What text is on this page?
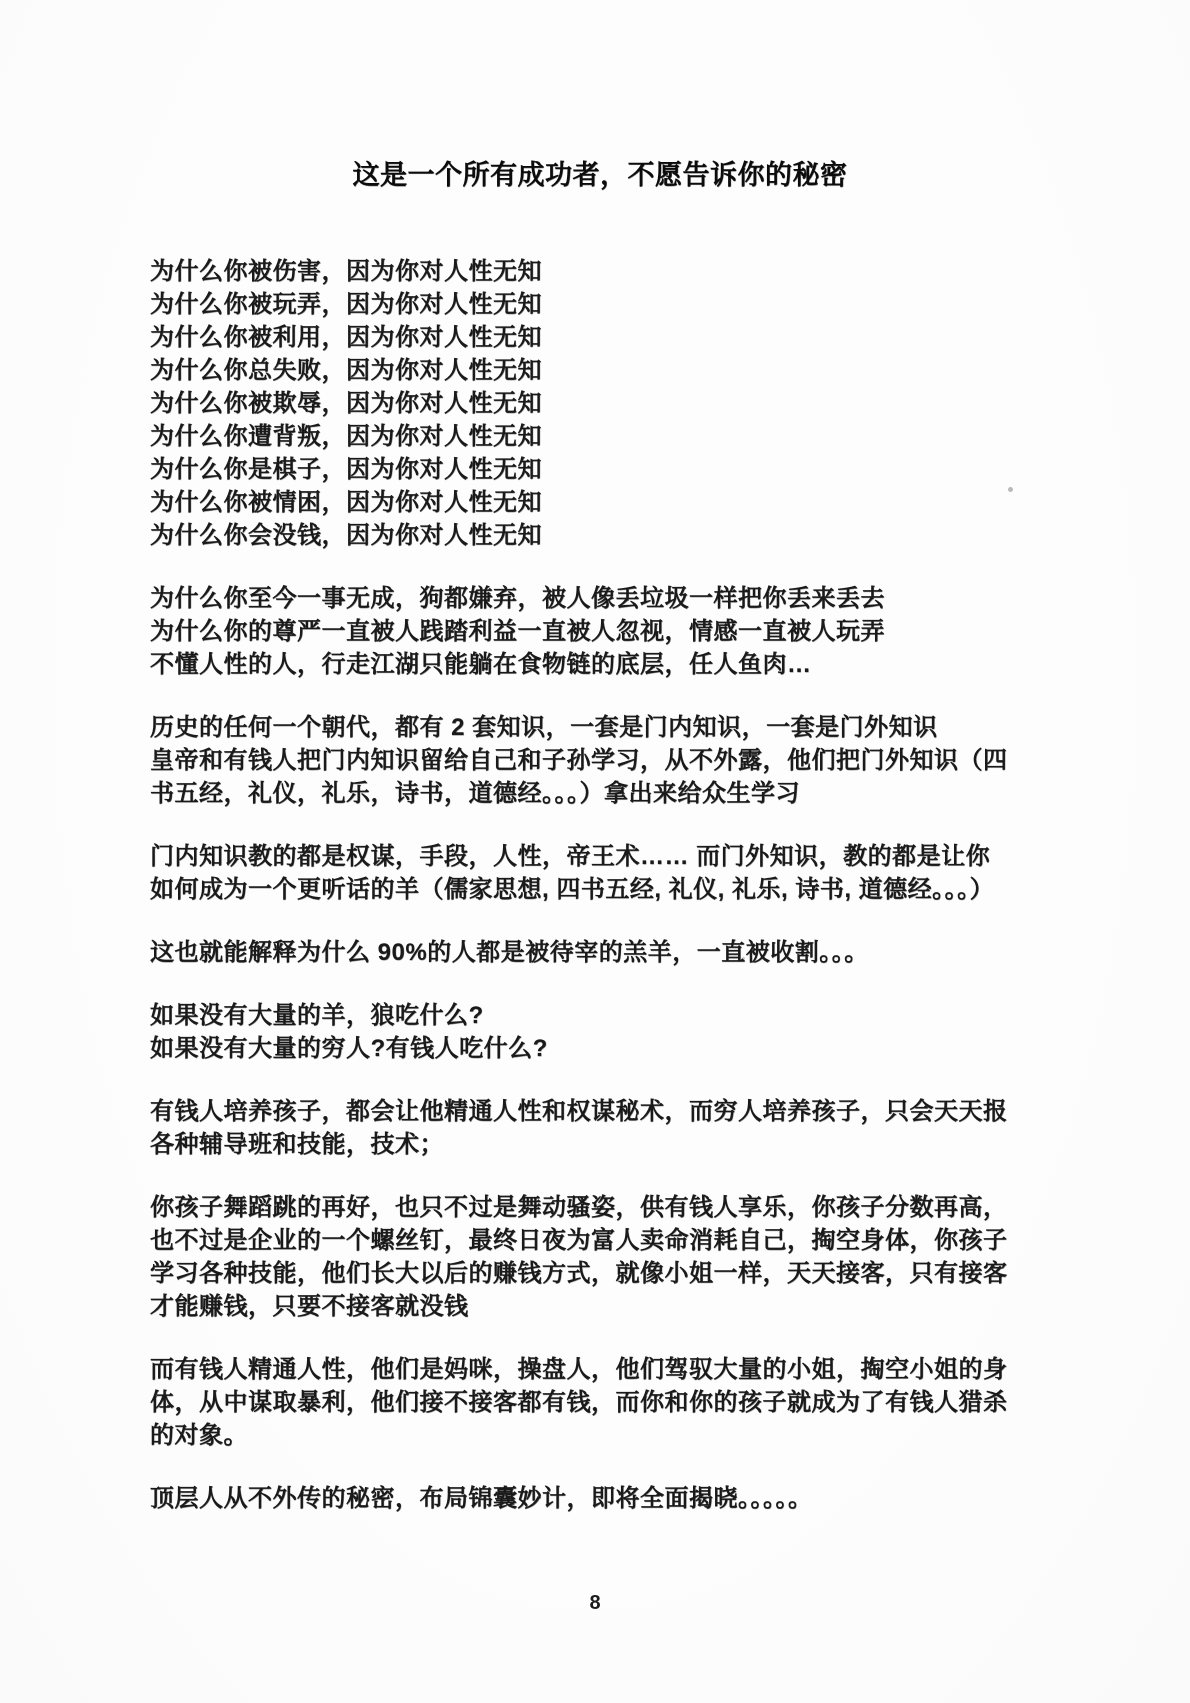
这是一个所有成功者，不愿告诉你的秘密
为什么你被伤害，因为你对人性无知
为什么你被玩弄，因为你对人性无知
为什么你被利用，因为你对人性无知
为什么你总失败，因为你对人性无知
为什么你被欺辱，因为你对人性无知
为什么你遭背叛，因为你对人性无知
为什么你是棋子，因为你对人性无知
为什么你被情困，因为你对人性无知
为什么你会没钱，因为你对人性无知
为什么你至今一事无成，狗都嫌弃，被人像丢垃圾一样把你丢来丢去
为什么你的尊严一直被人践踏利益一直被人忽视，情感一直被人玩弄
不懂人性的人，行走江湖只能躺在食物链的底层，任人鱼肉…
历史的任何一个朝代，都有 2 套知识，一套是门内知识，一套是门外知识
皇帝和有钱人把门内知识留给自己和子孙学习，从不外露，他们把门外知识（四
书五经，礼仪，礼乐，诗书，道德经。。。）拿出来给众生学习
门内知识教的都是权谋，手段，人性，帝王术…… 而门外知识，教的都是让你
如何成为一个更听话的羊（儒家思想, 四书五经, 礼仪, 礼乐, 诗书, 道德经。。。）
这也就能解释为什么 90%的人都是被待宰的羔羊，一直被收割。。。
如果没有大量的羊，狼吃什么?
如果没有大量的穷人?有钱人吃什么?
有钱人培养孩子，都会让他精通人性和权谋秘术，而穷人培养孩子，只会天天报
各种辅导班和技能，技术；
你孩子舞蹈跳的再好，也只不过是舞动骚姿，供有钱人享乐，你孩子分数再高，
也不过是企业的一个螺丝钉，最终日夜为富人卖命消耗自己，掏空身体，你孩子
学习各种技能，他们长大以后的赚钱方式，就像小姐一样，天天接客，只有接客
才能赚钱，只要不接客就没钱
而有钱人精通人性，他们是妈咪，操盘人，他们驾驭大量的小姐，掏空小姐的身
体，从中谋取暴利，他们接不接客都有钱，而你和你的孩子就成为了有钱人猎杀
的对象。
顶层人从不外传的秘密，布局锦囊妙计，即将全面揭晓。。。。。
8
